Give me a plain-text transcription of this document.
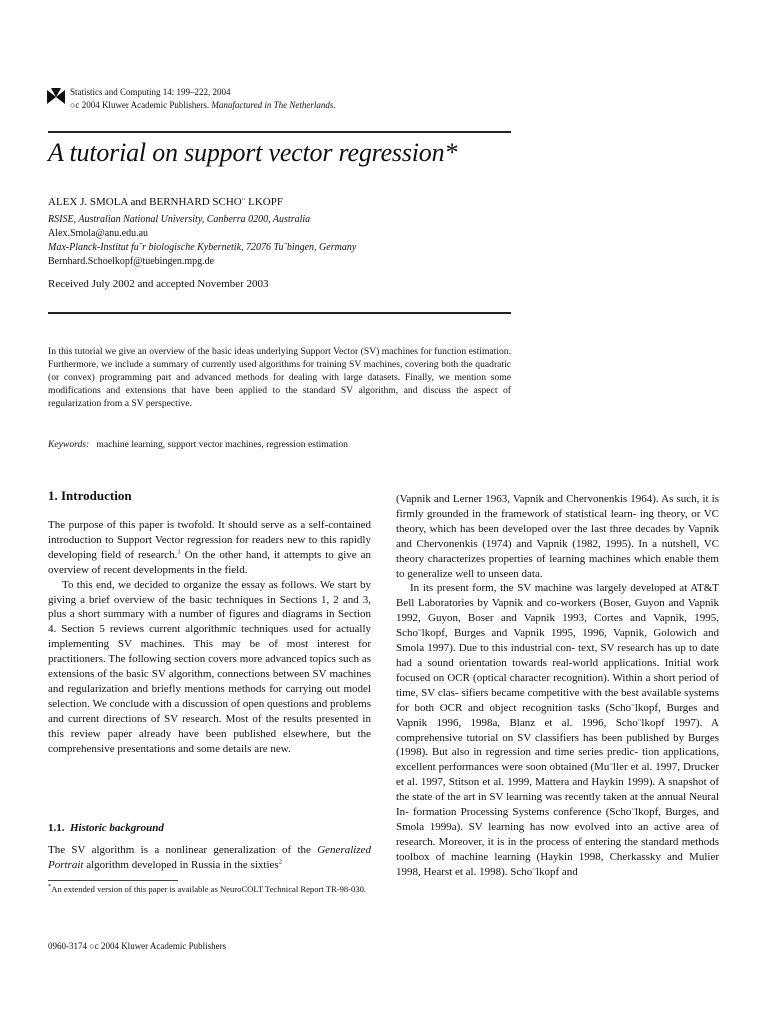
Statistics and Computing 14: 199–222, 2004
○c 2004 Kluwer Academic Publishers. Manufactured in The Netherlands.
A tutorial on support vector regression*
ALEX J. SMOLA and BERNHARD SCHO¨ LKOPF
RSISE, Australian National University, Canberra 0200, Australia
Alex.Smola@anu.edu.au
Max-Planck-Institut fu¨r biologische Kybernetik, 72076 Tu¨bingen, Germany
Bernhard.Schoelkopf@tuebingen.mpg.de
Received July 2002 and accepted November 2003
In this tutorial we give an overview of the basic ideas underlying Support Vector (SV) machines for function estimation. Furthermore, we include a summary of currently used algorithms for training SV machines, covering both the quadratic (or convex) programming part and advanced methods for dealing with large datasets. Finally, we mention some modifications and extensions that have been applied to the standard SV algorithm, and discuss the aspect of regularization from a SV perspective.
Keywords: machine learning, support vector machines, regression estimation
1. Introduction

The purpose of this paper is twofold. It should serve as a self-contained introduction to Support Vector regression for readers new to this rapidly developing field of research.$^1$ On the other hand, it attempts to give an overview of recent developments in the field.

To this end, we decided to organize the essay as follows. We start by giving a brief overview of the basic techniques in Sections 1, 2 and 3, plus a short summary with a number of figures and diagrams in Section 4. Section 5 reviews current algorithmic techniques used for actually implementing SV machines. This may be of most interest for practitioners. The following section covers more advanced topics such as extensions of the basic SV algorithm, connections between SV machines and regularization and briefly mentions methods for carrying out model selection. We conclude with a discussion of open questions and problems and current directions of SV research. Most of the results presented in this review paper already have been published elsewhere, but the comprehensive presentations and some details are new.

1.1. Historic background
The SV algorithm is a nonlinear generalization of the Generalized Portrait algorithm developed in Russia in the sixties$^2$
*An extended version of this paper is available as NeuroCOLT Technical Report TR-98-030.
0960-3174 ○c 2004 Kluwer Academic Publishers

(Vapnik and Lerner 1963, Vapnik and Chervonenkis 1964). As such, it is firmly grounded in the framework of statistical learn- ing theory, or VC theory, which has been developed over the last three decades by Vapnik and Chervonenkis (1974) and Vapnik (1982, 1995). In a nutshell, VC theory characterizes properties of learning machines which enable them to generalize well to unseen data.

In its present form, the SV machine was largely developed at AT&T Bell Laboratories by Vapnik and co-workers (Boser, Guyon and Vapnik 1992, Guyon, Boser and Vapnik 1993, Cortes and Vapnik, 1995, Scho¨lkopf, Burges and Vapnik 1995, 1996, Vapnik, Golowich and Smola 1997). Due to this industrial con- text, SV research has up to date had a sound orientation towards real-world applications. Initial work focused on OCR (optical character recognition). Within a short period of time, SV clas- sifiers became competitive with the best available systems for both OCR and object recognition tasks (Scho¨lkopf, Burges and Vapnik 1996, 1998a, Blanz et al. 1996, Scho¨lkopf 1997). A comprehensive tutorial on SV classifiers has been published by Burges (1998). But also in regression and time series predic- tion applications, excellent performances were soon obtained (Mu¨ller et al. 1997, Drucker et al. 1997, Stitson et al. 1999, Mattera and Haykin 1999). A snapshot of the state of the art in SV learning was recently taken at the annual Neural In- formation Processing Systems conference (Scho¨lkopf, Burges, and Smola 1999a). SV learning has now evolved into an active area of research. Moreover, it is in the process of entering the standard methods toolbox of machine learning (Haykin 1998, Cherkassky and Mulier 1998, Hearst et al. 1998). Scho¨lkopf and
